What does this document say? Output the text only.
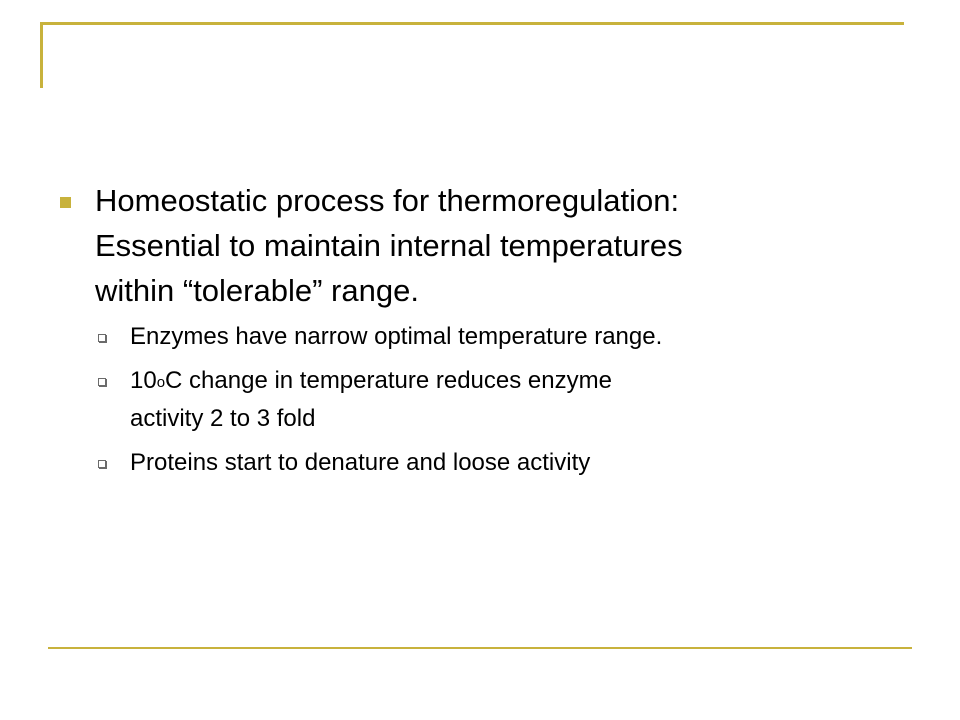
Homeostatic process for thermoregulation:
Essential to maintain internal temperatures
within “tolerable” range.
Enzymes have narrow optimal temperature range.
10oC change in temperature reduces enzyme
activity 2 to 3 fold
Proteins start to denature and loose activity
